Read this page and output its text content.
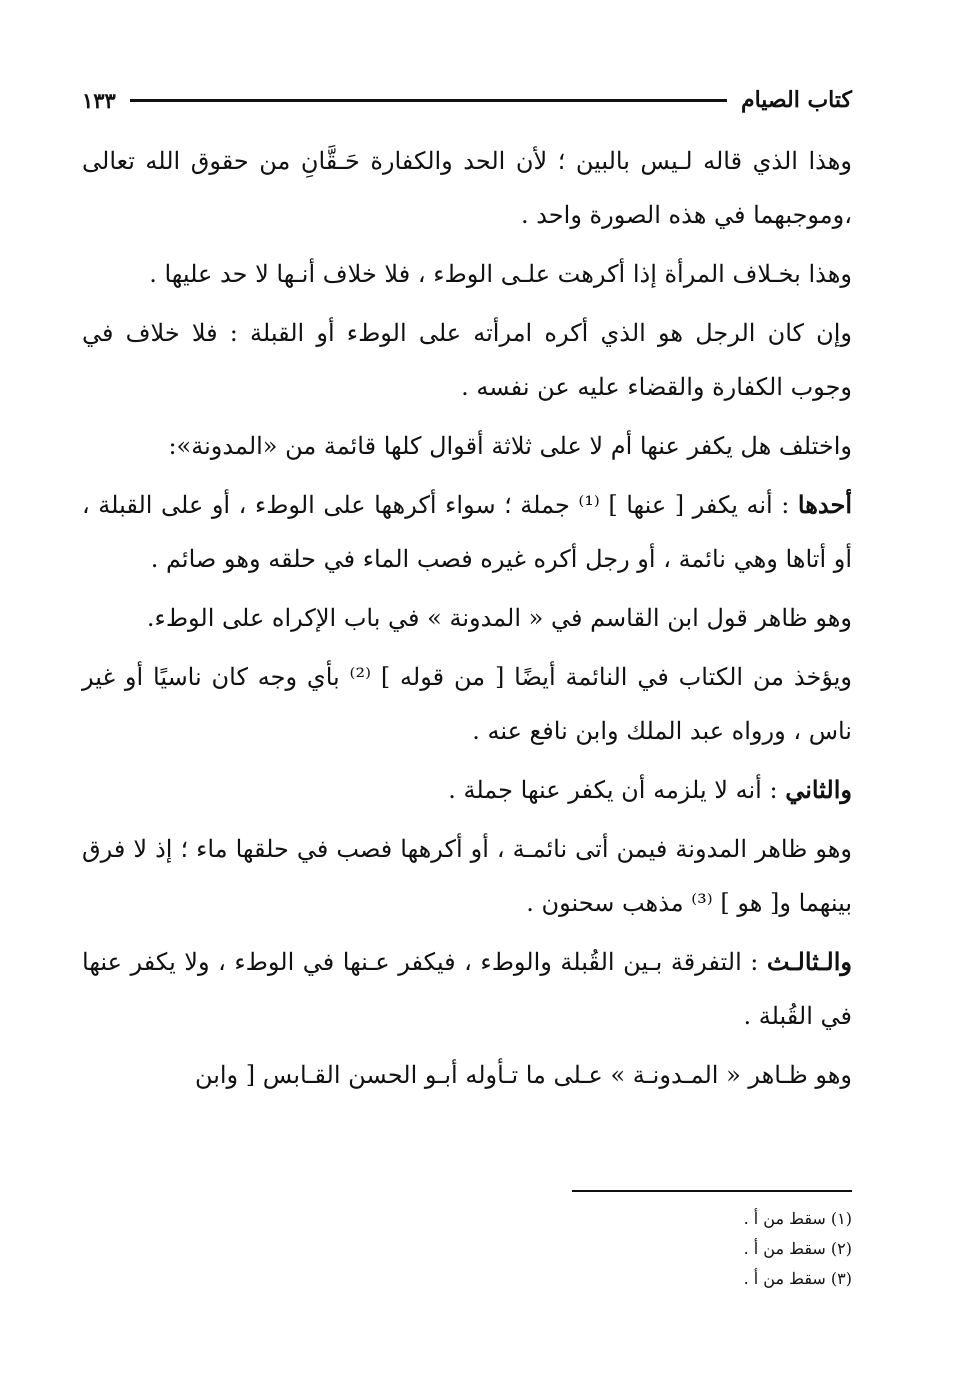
كتاب الصيام
١٣٣

وهذا الذي قاله لـيس بالبين ؛ لأن الحد والكفارة حَـقَّانِ من حقوق الله تعالى ،وموجبهما في هذه الصورة واحد .

وهذا بخـلاف المرأة إذا أكرهت علـى الوطء ، فلا خلاف أنـها لا حد عليها .

وإن كان الرجل هو الذي أكره امرأته على الوطء أو القبلة : فلا خلاف في وجوب الكفارة والقضاء عليه عن نفسه .

واختلف هل يكفر عنها أم لا على ثلاثة أقوال كلها قائمة من «المدونة»:

أحدها : أنه يكفر [ عنها ] ⁽¹⁾ جملة ؛ سواء أكرهها على الوطء ، أو على القبلة ، أو أتاها وهي نائمة ، أو رجل أكره غيره فصب الماء في حلقه وهو صائم .

وهو ظاهر قول ابن القاسم في « المدونة » في باب الإكراه على الوطء.

ويؤخذ من الكتاب في النائمة أيضًا [ من قوله ] ⁽²⁾ بأي وجه كان ناسيًا أو غير ناس ، ورواه عبد الملك وابن نافع عنه .

والثاني : أنه لا يلزمه أن يكفر عنها جملة .

وهو ظاهر المدونة فيمن أتى نائمـة ، أو أكرهها فصب في حلقها ماء ؛ إذ لا فرق بينهما و[ هو ] ⁽³⁾ مذهب سحنون .

والـثالـث : التفرقة بـين القُبلة والوطء ، فيكفر عـنها في الوطء ، ولا يكفر عنها في القُبلة .

وهو ظـاهر « المـدونـة » عـلى ما تـأوله أبـو الحسن القـابس [ وابن

(١) سقط من أ .

(٢) سقط من أ .

(٣) سقط من أ .
